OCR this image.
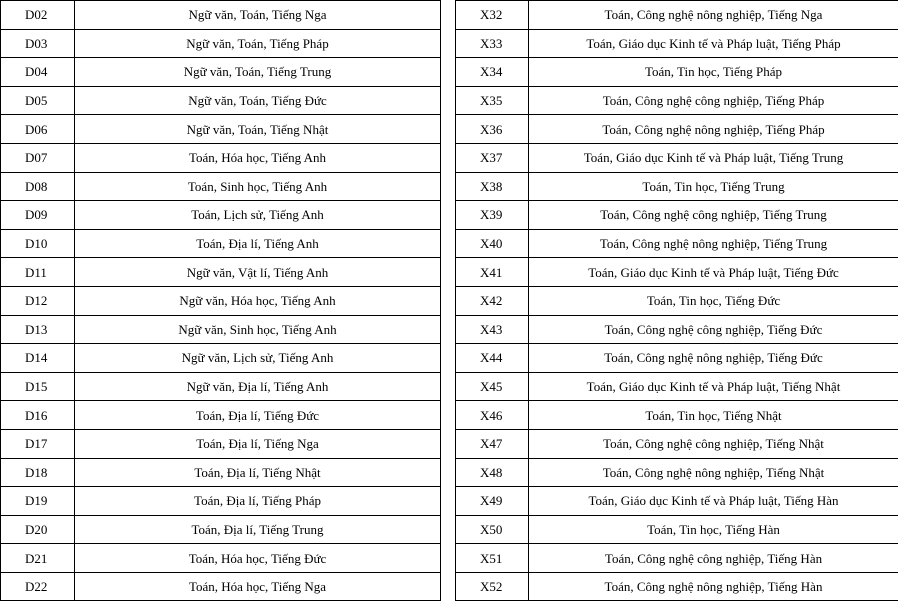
D02	Ngữ văn, Toán, Tiếng Nga
D03	Ngữ văn, Toán, Tiếng Pháp
D04	Ngữ văn, Toán, Tiếng Trung
D05	Ngữ văn, Toán, Tiếng Đức
D06	Ngữ văn, Toán, Tiếng Nhật
D07	Toán, Hóa học, Tiếng Anh
D08	Toán, Sinh học, Tiếng Anh
D09	Toán, Lịch sử, Tiếng Anh
D10	Toán, Địa lí, Tiếng Anh
D11	Ngữ văn, Vật lí, Tiếng Anh
D12	Ngữ văn, Hóa học, Tiếng Anh
D13	Ngữ văn, Sinh học, Tiếng Anh
D14	Ngữ văn, Lịch sử, Tiếng Anh
D15	Ngữ văn, Địa lí, Tiếng Anh
D16	Toán, Địa lí, Tiếng Đức
D17	Toán, Địa lí, Tiếng Nga
D18	Toán, Địa lí, Tiếng Nhật
D19	Toán, Địa lí, Tiếng Pháp
D20	Toán, Địa lí, Tiếng Trung
D21	Toán, Hóa học, Tiếng Đức
D22	Toán, Hóa học, Tiếng Nga
X32	Toán, Công nghệ nông nghiệp, Tiếng Nga
X33	Toán, Giáo dục Kinh tế và Pháp luật, Tiếng Pháp
X34	Toán, Tin học, Tiếng Pháp
X35	Toán, Công nghệ công nghiệp, Tiếng Pháp
X36	Toán, Công nghệ nông nghiệp, Tiếng Pháp
X37	Toán, Giáo dục Kinh tế và Pháp luật, Tiếng Trung
X38	Toán, Tin học, Tiếng Trung
X39	Toán, Công nghệ công nghiệp, Tiếng Trung
X40	Toán, Công nghệ nông nghiệp, Tiếng Trung
X41	Toán, Giáo dục Kinh tế và Pháp luật, Tiếng Đức
X42	Toán, Tin học, Tiếng Đức
X43	Toán, Công nghệ công nghiệp, Tiếng Đức
X44	Toán, Công nghệ nông nghiệp, Tiếng Đức
X45	Toán, Giáo dục Kinh tế và Pháp luật, Tiếng Nhật
X46	Toán, Tin học, Tiếng Nhật
X47	Toán, Công nghệ công nghiệp, Tiếng Nhật
X48	Toán, Công nghệ nông nghiệp, Tiếng Nhật
X49	Toán, Giáo dục Kinh tế và Pháp luật, Tiếng Hàn
X50	Toán, Tin học, Tiếng Hàn
X51	Toán, Công nghệ công nghiệp, Tiếng Hàn
X52	Toán, Công nghệ nông nghiệp, Tiếng Hàn
